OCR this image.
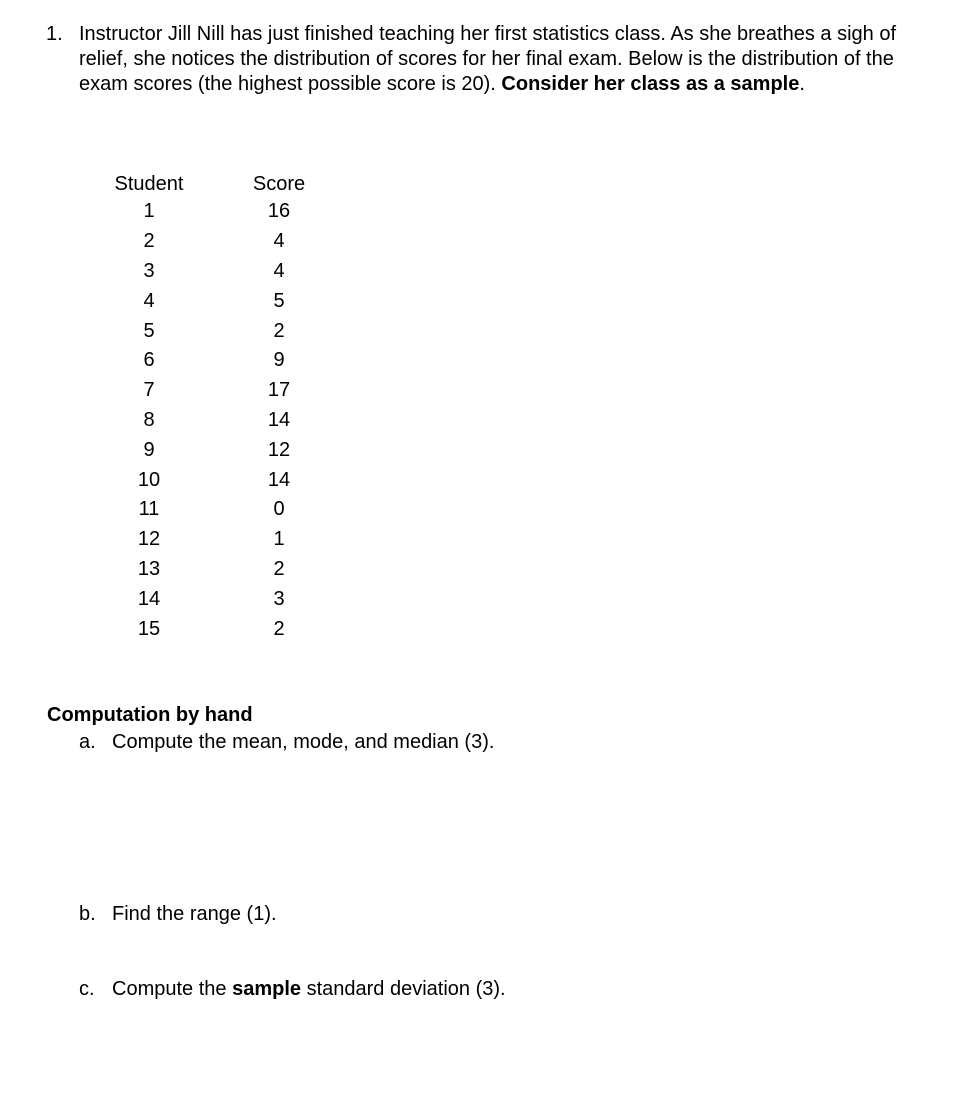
1. Instructor Jill Nill has just finished teaching her first statistics class. As she breathes a sigh of relief, she notices the distribution of scores for her final exam. Below is the distribution of the exam scores (the highest possible score is 20). Consider her class as a sample.
Student	Score
1	16
2	4
3	4
4	5
5	2
6	9
7	17
8	14
9	12
10	14
11	0
12	1
13	2
14	3
15	2
Computation by hand
a. Compute the mean, mode, and median (3).
b. Find the range (1).
c. Compute the sample standard deviation (3).
